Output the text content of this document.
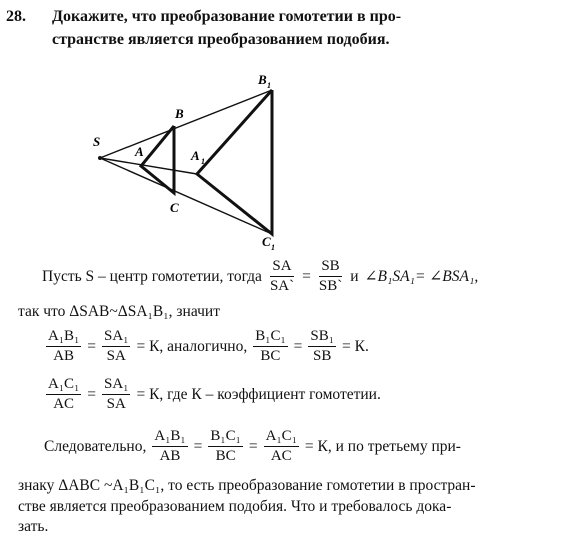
28. Докажите, что преобразование гомотетии в про-
странстве является преобразованием подобия.
S
A
B
C
A 1
B 1
C 1
Пусть S – центр гомотетии, тогда $\frac{SA}{SA`} = \frac{SB}{SB`}$ и ∠B₁SA₁= ∠BSA₁,
так что ΔSAB~ΔSA₁B₁, значит
$\frac{\text{A₁B₁}}{AB} = \frac{\text{SA₁}}{SA} = К$, аналогично, $\frac{\text{B₁C₁}}{BC} = \frac{\text{SB₁}}{SB} = К$.
$\frac{\text{A₁C₁}}{AC} = \frac{\text{SA₁}}{SA} = К$, где К – коэффициент гомотетии.
Следовательно, $\frac{\text{A₁B₁}}{AB} = \frac{\text{B₁C₁}}{BC} = \frac{\text{A₁C₁}}{AC} = К$, и по третьему при-
знаку ΔABC ~A₁B₁C₁, то есть преобразование гомотетии в простран-
стве является преобразованием подобия. Что и требовалось дока-
зать.
